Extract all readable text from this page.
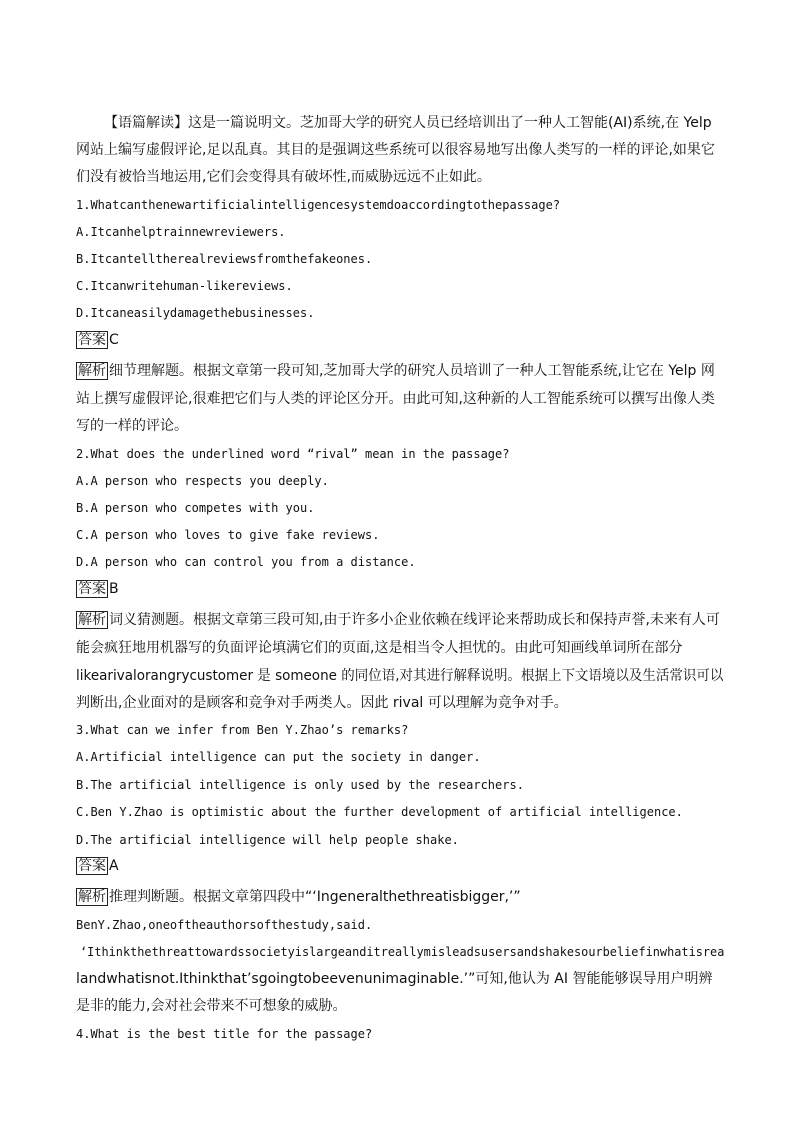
【语篇解读】这是一篇说明文。芝加哥大学的研究人员已经培训出了一种人工智能(AI)系统,在 Yelp
网站上编写虚假评论,足以乱真。其目的是强调这些系统可以很容易地写出像人类写的一样的评论,如果它
们没有被恰当地运用,它们会变得具有破坏性,而威胁远远不止如此。
1.Whatcanthenewartificialintelligencesystemdoaccordingtothepassage?
A.Itcanhelptrainnewreviewers.
B.Itcantelltherealreviewsfromthefakeones.
C.Itcanwritehuman-likereviews.
D.Itcaneasilydamagethebusinesses.
答案 C
解析 细节理解题。根据文章第一段可知,芝加哥大学的研究人员培训了一种人工智能系统,让它在 Yelp 网
站上撰写虚假评论,很难把它们与人类的评论区分开。由此可知,这种新的人工智能系统可以撰写出像人类
写的一样的评论。
2.What does the underlined word “rival” mean in the passage?
A.A person who respects you deeply.
B.A person who competes with you.
C.A person who loves to give fake reviews.
D.A person who can control you from a distance.
答案 B
解析 词义猜测题。根据文章第三段可知,由于许多小企业依赖在线评论来帮助成长和保持声誉,未来有人可
能会疯狂地用机器写的负面评论填满它们的页面,这是相当令人担忧的。由此可知画线单词所在部分
likearivalorangrycustomer 是 someone 的同位语,对其进行解释说明。根据上下文语境以及生活常识可以
判断出,企业面对的是顾客和竞争对手两类人。因此 rival 可以理解为竞争对手。
3.What can we infer from Ben Y.Zhao’s remarks?
A.Artificial intelligence can put the society in danger.
B.The artificial intelligence is only used by the researchers.
C.Ben Y.Zhao is optimistic about the further development of artificial intelligence.
D.The artificial intelligence will help people shake.
答案 A
解析 推理判断题。根据文章第四段中“‘Ingeneralthethreatisbigger,’”
BenY.Zhao,oneoftheauthorsofthestudy,said.
‘Ithinkthethreattowardssocietyislargeanditreallymisleadsusersandshakesourbeliefinwhatisrea
landwhatisnot.Ithinkthat’sgoingtobeevenunimaginable.’”可知,他认为 AI 智能能够误导用户明辨
是非的能力,会对社会带来不可想象的威胁。
4.What is the best title for the passage?
